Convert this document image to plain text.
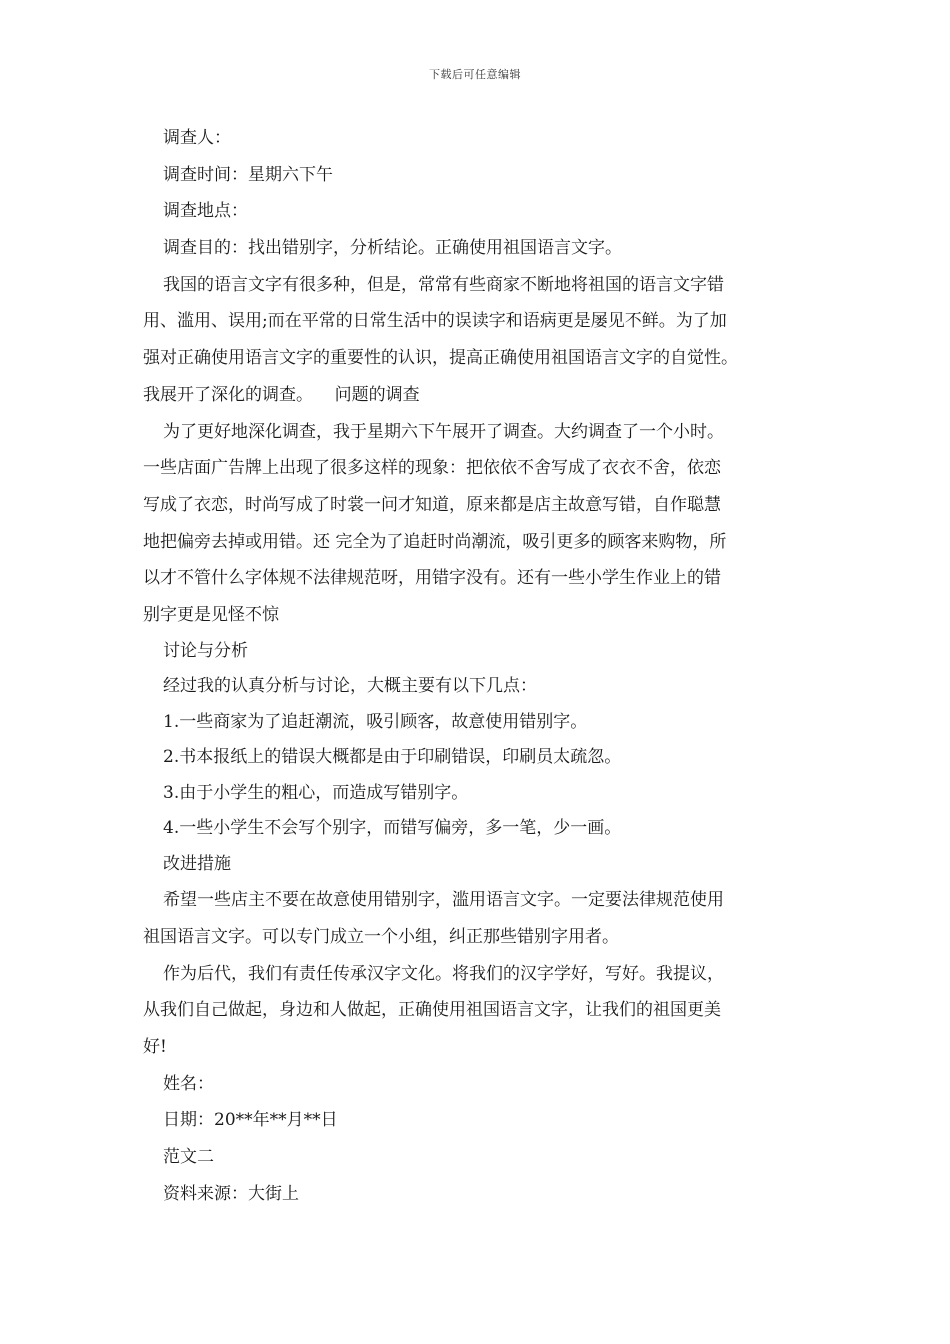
下载后可任意编辑
调查人：
调查时间：星期六下午
调查地点：
调查目的：找出错别字，分析结论。正确使用祖国语言文字。
我国的语言文字有很多种，但是，常常有些商家不断地将祖国的语言文字错
用、滥用、误用;而在平常的日常生活中的误读字和语病更是屡见不鲜。为了加
强对正确使用语言文字的重要性的认识，提高正确使用祖国语言文字的自觉性。
我展开了深化的调查。    问题的调查
为了更好地深化调查，我于星期六下午展开了调查。大约调查了一个小时。
一些店面广告牌上出现了很多这样的现象：把依依不舍写成了衣衣不舍，依恋
写成了衣恋，时尚写成了时裳一问才知道，原来都是店主故意写错，自作聪慧
地把偏旁去掉或用错。还 完全为了追赶时尚潮流，吸引更多的顾客来购物，所
以才不管什么字体规不法律规范呀，用错字没有。还有一些小学生作业上的错
别字更是见怪不惊
讨论与分析
经过我的认真分析与讨论，大概主要有以下几点：
1.一些商家为了追赶潮流，吸引顾客，故意使用错别字。
2.书本报纸上的错误大概都是由于印刷错误，印刷员太疏忽。
3.由于小学生的粗心，而造成写错别字。
4.一些小学生不会写个别字，而错写偏旁，多一笔，少一画。
改进措施
希望一些店主不要在故意使用错别字，滥用语言文字。一定要法律规范使用
祖国语言文字。可以专门成立一个小组，纠正那些错别字用者。
作为后代，我们有责任传承汉字文化。将我们的汉字学好，写好。我提议，
从我们自己做起，身边和人做起，正确使用祖国语言文字，让我们的祖国更美
好!
姓名：
日期：20**年**月**日
范文二
资料来源：大街上
